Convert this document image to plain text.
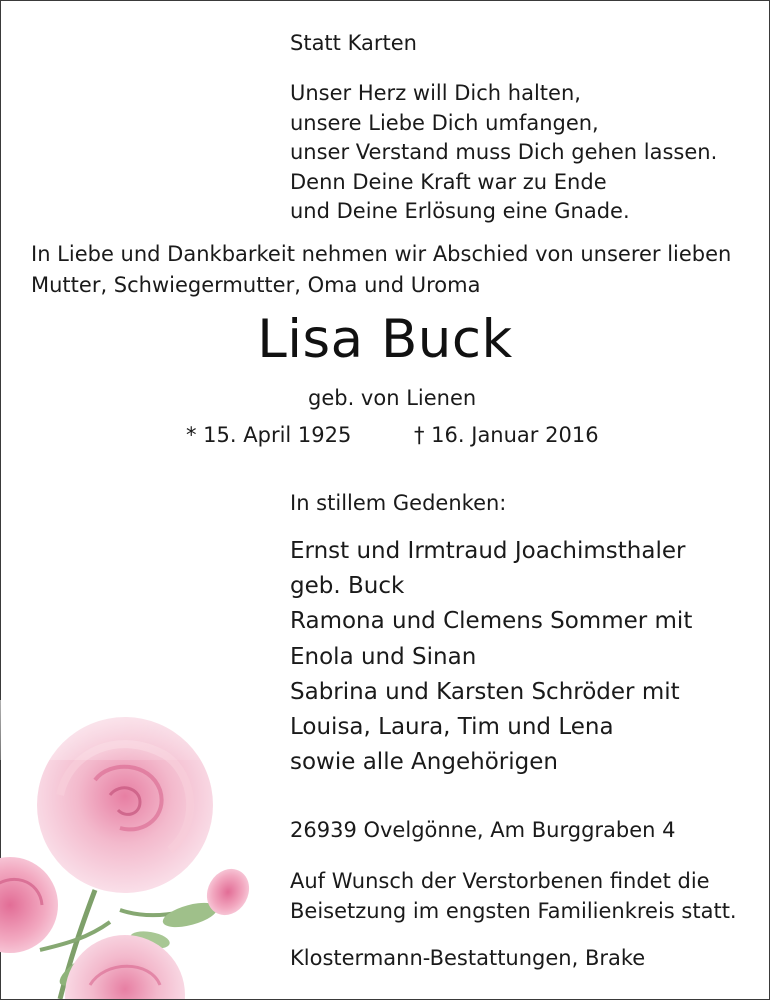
Statt Karten
Unser Herz will Dich halten,
unsere Liebe Dich umfangen,
unser Verstand muss Dich gehen lassen.
Denn Deine Kraft war zu Ende
und Deine Erlösung eine Gnade.
In Liebe und Dankbarkeit nehmen wir Abschied von unserer lieben
Mutter, Schwiegermutter, Oma und Uroma
Lisa Buck
geb. von Lienen
* 15. April 1925	† 16. Januar 2016
In stillem Gedenken:
Ernst und Irmtraud Joachimsthaler
geb. Buck
Ramona und Clemens Sommer mit
Enola und Sinan
Sabrina und Karsten Schröder mit
Louisa, Laura, Tim und Lena
sowie alle Angehörigen
26939 Ovelgönne, Am Burggraben 4
Auf Wunsch der Verstorbenen findet die
Beisetzung im engsten Familienkreis statt.
Klostermann-Bestattungen, Brake
